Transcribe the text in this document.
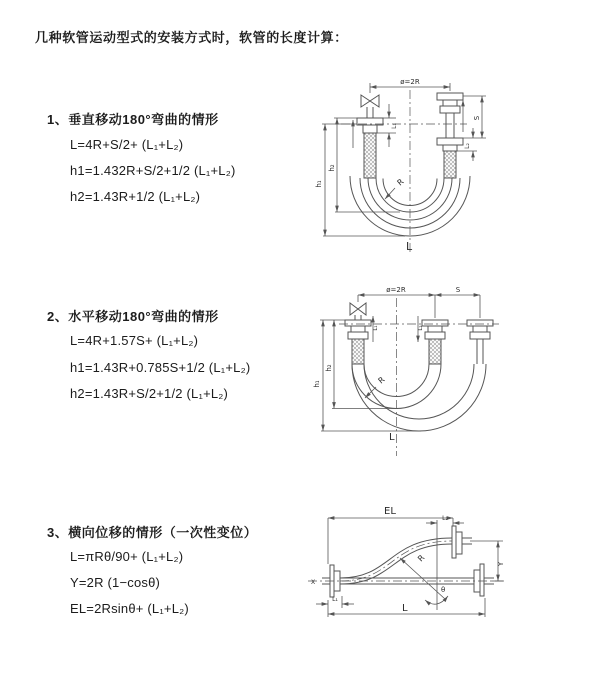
几种软管运动型式的安装方式时，软管的长度计算：
1、垂直移动180°弯曲的情形
L=4R+S/2+ (L₁+L₂)
h1=1.432R+S/2+1/2 (L₁+L₂)
h2=1.43R+1/2 (L₁+L₂)
2、水平移动180°弯曲的情形
L=4R+1.57S+ (L₁+L₂)
h1=1.43R+0.785S+1/2 (L₁+L₂)
h2=1.43R+S/2+1/2 (L₁+L₂)
3、横向位移的情形（一次性变位）
L=πRθ/90+ (L₁+L₂)
Y=2R (1−cosθ)
EL=2Rsinθ+ (L₁+L₂)
ø=2R
h₁
h₂
L₁
S
L₂
R
L
ø=2R	S
L₁	L₂
h₁
h₂
R
L
EL
L₂
Y
R
θ
X
L₁
L
